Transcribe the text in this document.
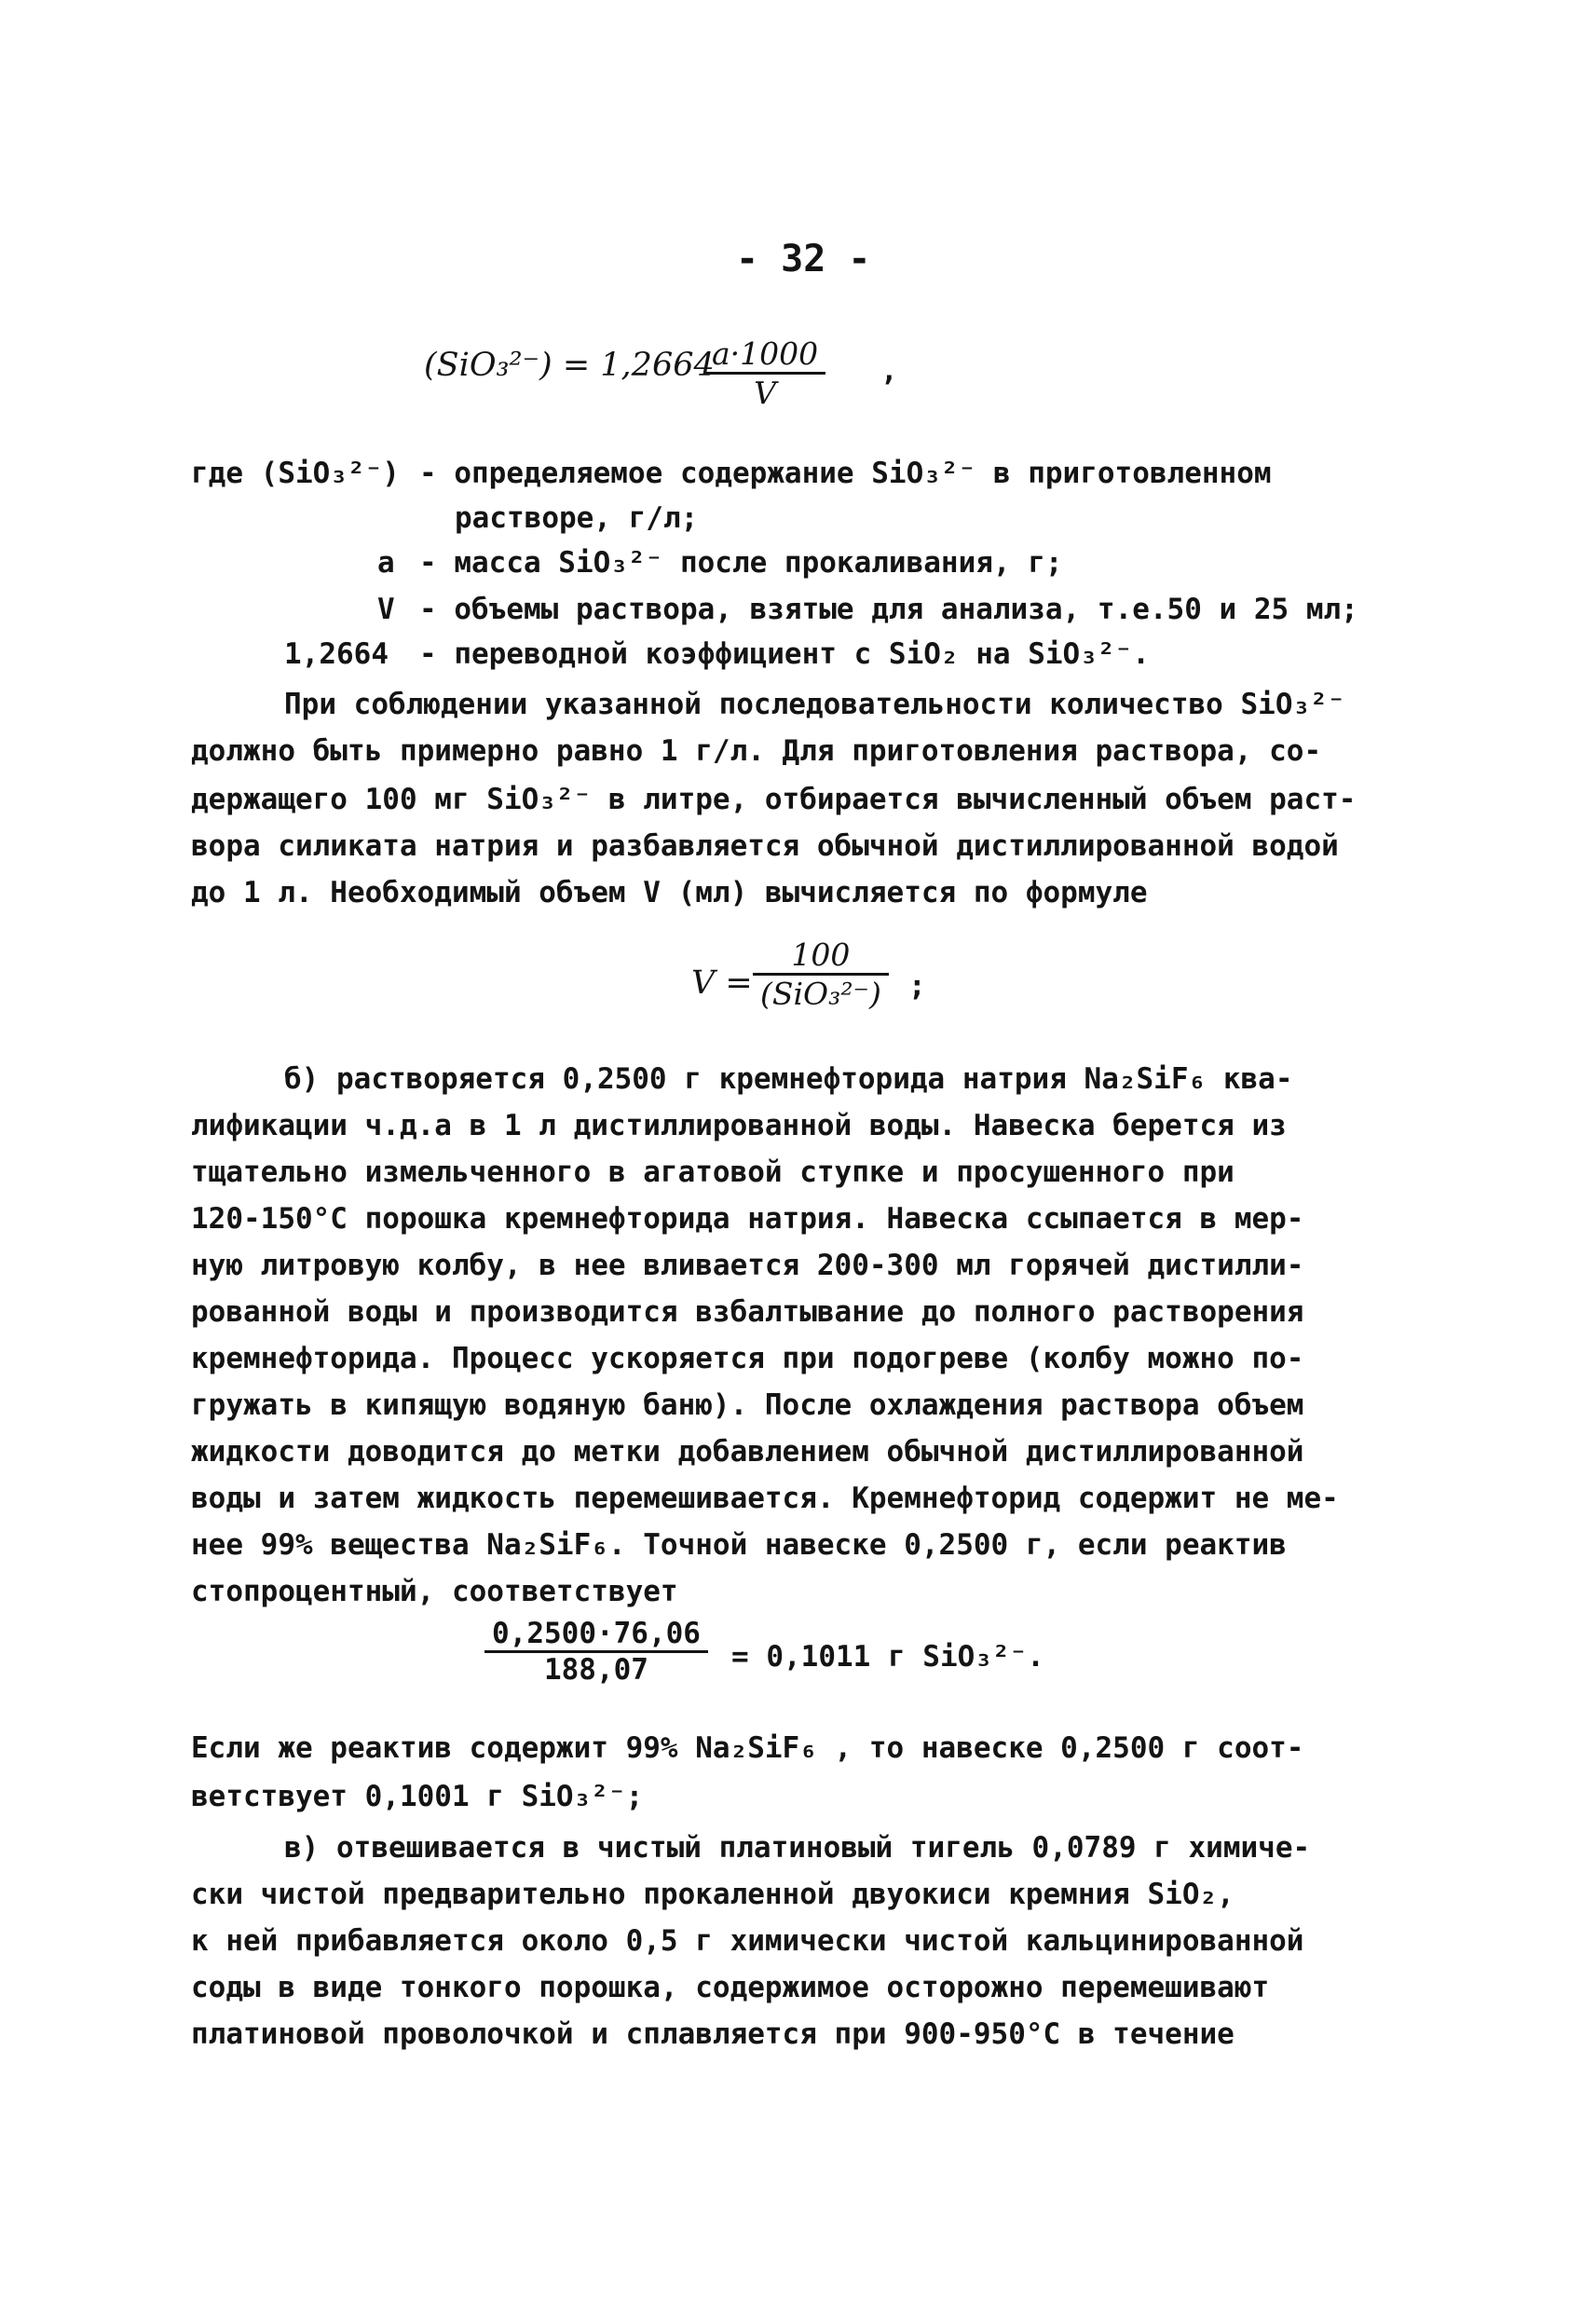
- 32 -
(SiO₃²⁻) = 1,2664
$\frac{a\cdot 1000}{V}$ ,
где (SiO₃²⁻) - определяемое содержание SiO₃²⁻ в приготовленном
растворе, г/л;
a - масса SiO₃²⁻ после прокаливания, г;
V - объемы раствора, взятые для анализа, т.е.50 и 25 мл;
1,2664 - переводной коэффициент с SiO₂ на SiO₃²⁻.
При соблюдении указанной последовательности количество SiO₃²⁻
должно быть примерно равно 1 г/л. Для приготовления раствора, со-
держащего 100 мг SiO₃²⁻ в литре, отбирается вычисленный объем раст-
вора силиката натрия и разбавляется обычной дистиллированной водой
до 1 л. Необходимый объем V (мл) вычисляется по формуле
V =
100
(SiO₃²⁻) ;
б) растворяется 0,2500 г кремнефторида натрия Na₂SiF₆ ква-
лификации ч.д.а в 1 л дистиллированной воды. Навеска берется из
тщательно измельченного в агатовой ступке и просушенного при
120-150°С порошка кремнефторида натрия. Навеска ссыпается в мер-
ную литровую колбу, в нее вливается 200-300 мл горячей дистилли-
рованной воды и производится взбалтывание до полного растворения
кремнефторида. Процесс ускоряется при подогреве (колбу можно по-
гружать в кипящую водяную баню). После охлаждения раствора объем
жидкости доводится до метки добавлением обычной дистиллированной
воды и затем жидкость перемешивается. Кремнефторид содержит не ме-
нее 99% вещества Na₂SiF₆. Точной навеске 0,2500 г, если реактив
стопроцентный, соответствует
$\frac{0,2500\cdot 76,06}{188,07} = 0,1011$ г SiO₃²⁻.
Если же реактив содержит 99% Na₂SiF₆ , то навеске 0,2500 г соот-
ветствует 0,1001 г SiO₃²⁻;
в) отвешивается в чистый платиновый тигель 0,0789 г химиче-
ски чистой предварительно прокаленной двуокиси кремния SiO₂,
к ней прибавляется около 0,5 г химически чистой кальцинированной
соды в виде тонкого порошка, содержимое осторожно перемешивают
платиновой проволочкой и сплавляется при 900-950°С в течение
